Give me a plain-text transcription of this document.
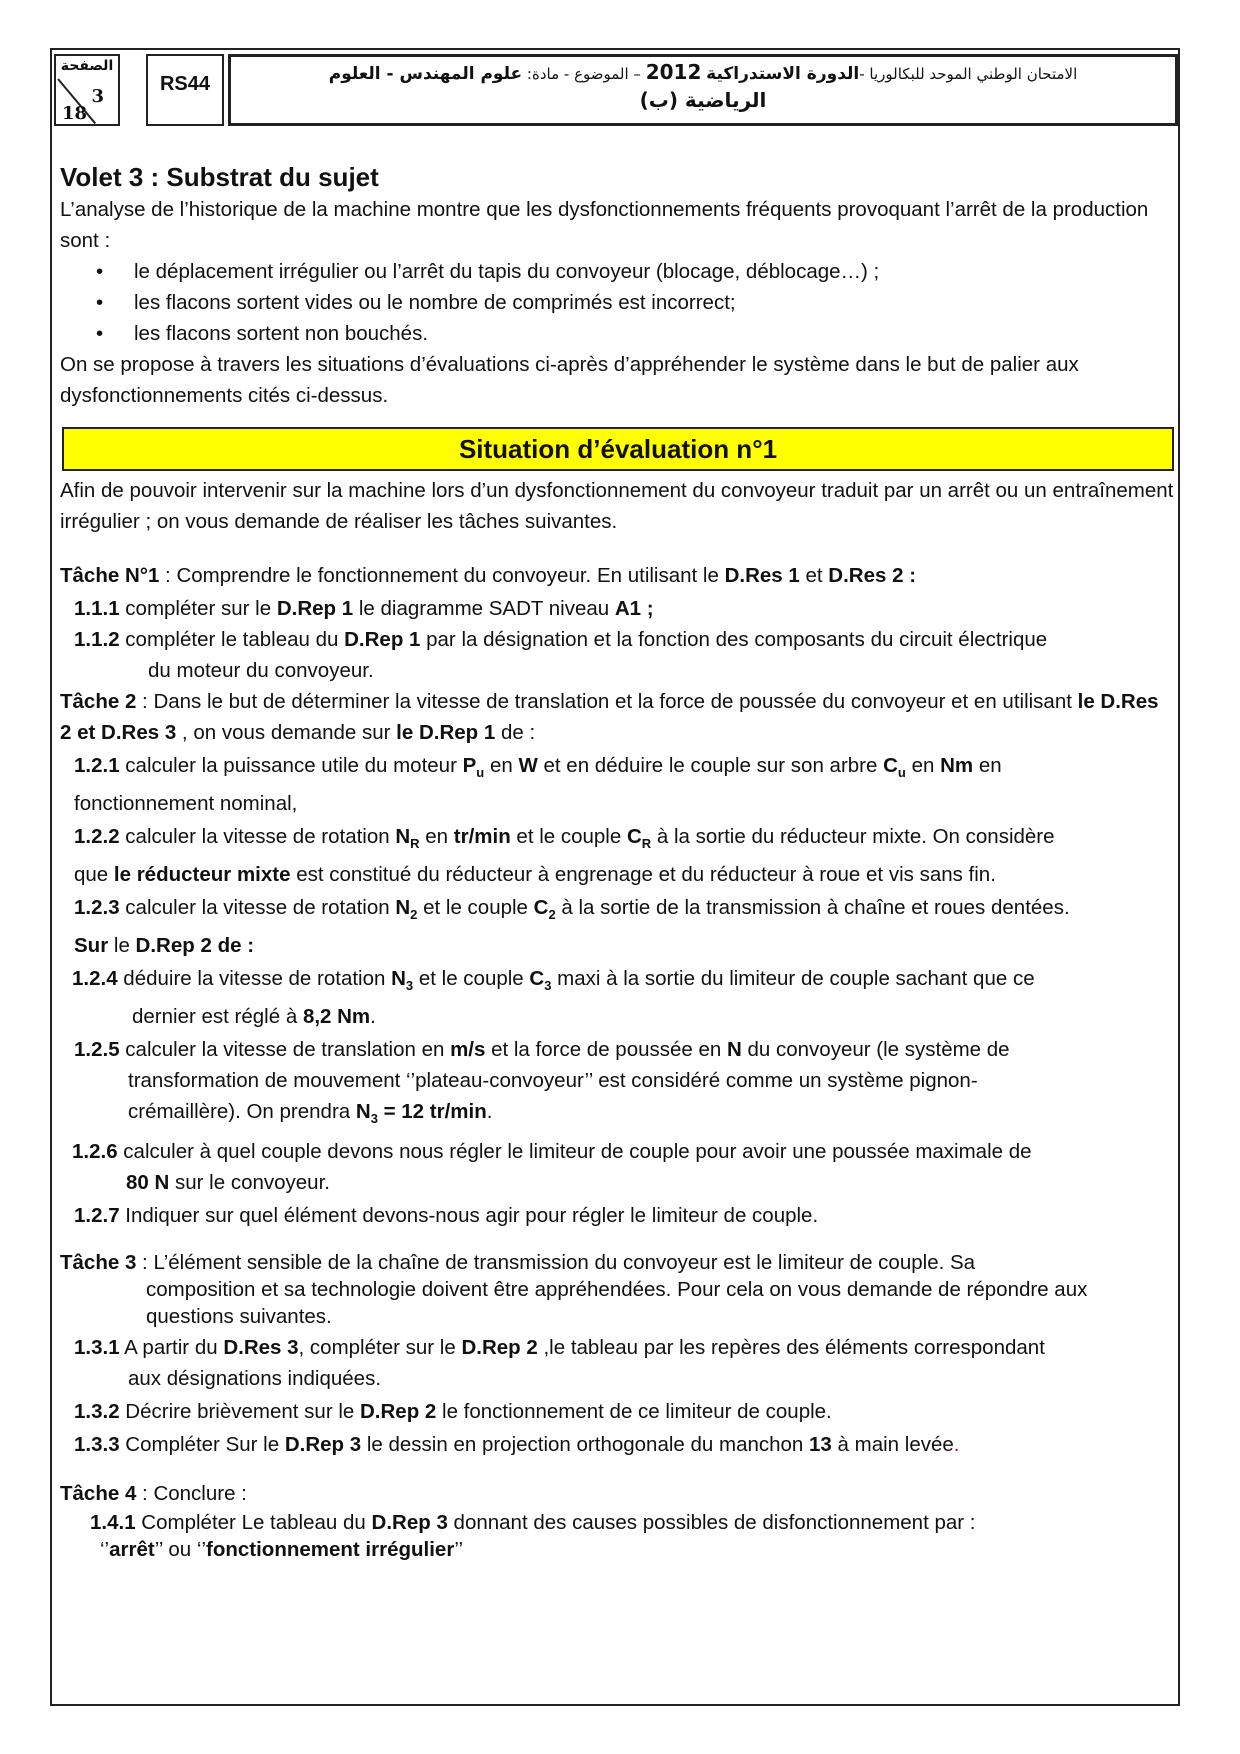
الصفحة
3
18
RS44	الامتحان الوطني الموحد للبكالوريا -الدورة الاستدراكية 2012 – الموضوع - مادة: علوم المهندس - العلوم
الرياضية (ب)
Volet 3 : Substrat du sujet

L’analyse de l’historique de la machine montre que les dysfonctionnements fréquents provoquant l’arrêt de la production sont :

• le déplacement irrégulier ou l’arrêt du tapis du convoyeur (blocage, déblocage…) ;
• les flacons sortent vides ou le nombre de comprimés est incorrect;
• les flacons sortent non bouchés.

On se propose à travers les situations d’évaluations ci-après d’appréhender le système dans le but de palier aux dysfonctionnements cités ci-dessus.

Situation d’évaluation n°1

Afin de pouvoir intervenir sur la machine lors d’un dysfonctionnement du convoyeur traduit par un arrêt ou un entraînement irrégulier ; on vous demande de réaliser les tâches suivantes.

Tâche N°1 : Comprendre le fonctionnement du convoyeur. En utilisant le D.Res 1 et D.Res 2 :

1.1.1 compléter sur le D.Rep 1 le diagramme SADT niveau A1 ;

1.1.2 compléter le tableau du D.Rep 1 par la désignation et la fonction des composants du circuit électrique

du moteur du convoyeur.

Tâche 2 : Dans le but de déterminer la vitesse de translation et la force de poussée du convoyeur et en utilisant le D.Res 2 et D.Res 3 , on vous demande sur le D.Rep 1 de :

1.2.1 calculer la puissance utile du moteur $P_u$ en W et en déduire le couple sur son arbre $C_u$ en Nm en

fonctionnement nominal,

1.2.2 calculer la vitesse de rotation $N_R$ en tr/min et le couple $C_R$ à la sortie du réducteur mixte. On considère

que le réducteur mixte est constitué du réducteur à engrenage et du réducteur à roue et vis sans fin.

1.2.3 calculer la vitesse de rotation $N_2$ et le couple $C_2$ à la sortie de la transmission à chaîne et roues dentées.

Sur le D.Rep 2 de :

1.2.4 déduire la vitesse de rotation $N_3$ et le couple $C_3$ maxi à la sortie du limiteur de couple sachant que ce

dernier est réglé à 8,2 Nm.

1.2.5 calculer la vitesse de translation en m/s et la force de poussée en N du convoyeur (le système de

transformation de mouvement ‘’plateau-convoyeur’’ est considéré comme un système pignon-

crémaillère). On prendra $N_3 = 12$ tr/min.

1.2.6 calculer à quel couple devons nous régler le limiteur de couple pour avoir une poussée maximale de

80 N sur le convoyeur.

1.2.7 Indiquer sur quel élément devons-nous agir pour régler le limiteur de couple.

Tâche 3 : L’élément sensible de la chaîne de transmission du convoyeur est le limiteur de couple. Sa

composition et sa technologie doivent être appréhendées. Pour cela on vous demande de répondre aux questions suivantes.

1.3.1 A partir du D.Res 3, compléter sur le D.Rep 2 ,le tableau par les repères des éléments correspondant

aux désignations indiquées.

1.3.2 Décrire brièvement sur le D.Rep 2 le fonctionnement de ce limiteur de couple.

1.3.3 Compléter Sur le D.Rep 3 le dessin en projection orthogonale du manchon 13 à main levée.

Tâche 4 : Conclure :

1.4.1 Compléter Le tableau du D.Rep 3 donnant des causes possibles de disfonctionnement par :

‘’arrêt’’ ou ‘’fonctionnement irrégulier’’
